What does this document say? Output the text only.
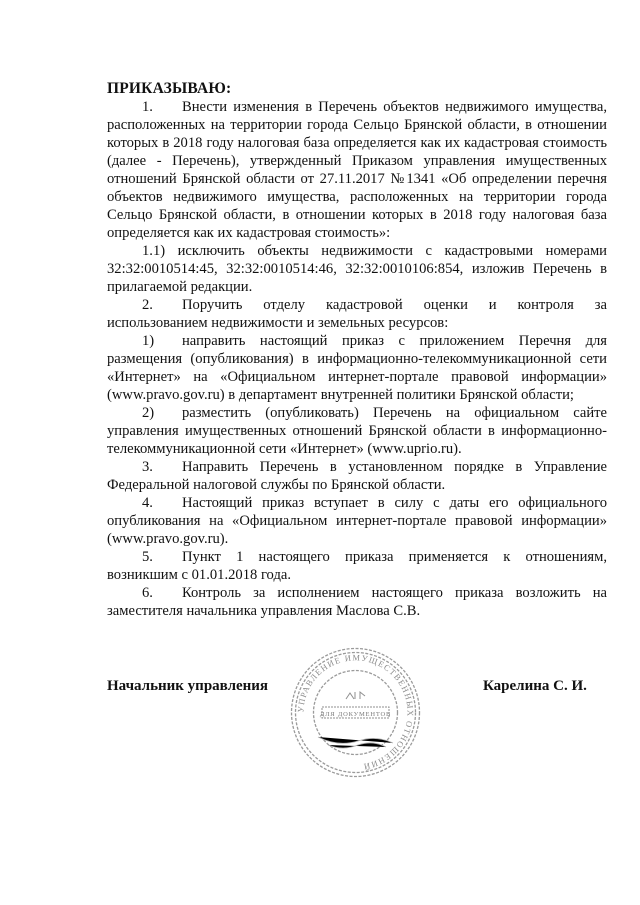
ПРИКАЗЫВАЮ:

1. Внести изменения в Перечень объектов недвижимого имущества, расположенных на территории города Сельцо Брянской области, в отношении которых в 2018 году налоговая база определяется как их кадастровая стоимость (далее - Перечень), утвержденный Приказом управления имущественных отношений Брянской области от 27.11.2017 №1341 «Об определении перечня объектов недвижимого имущества, расположенных на территории города Сельцо Брянской области, в отношении которых в 2018 году налоговая база определяется как их кадастровая стоимость»:

1.1) исключить объекты недвижимости с кадастровыми номерами 32:32:0010514:45, 32:32:0010514:46, 32:32:0010106:854, изложив Перечень в прилагаемой редакции.

2. Поручить отделу кадастровой оценки и контроля за использованием недвижимости и земельных ресурсов:

1) направить настоящий приказ с приложением Перечня для размещения (опубликования) в информационно-телекоммуникационной сети «Интернет» на «Официальном интернет-портале правовой информации» (www.pravo.gov.ru) в департамент внутренней политики Брянской области;

2) разместить (опубликовать) Перечень на официальном сайте управления имущественных отношений Брянской области в информационно-телекоммуникационной сети «Интернет» (www.uprio.ru).

3. Направить Перечень в установленном порядке в Управление Федеральной налоговой службы по Брянской области.

4. Настоящий приказ вступает в силу с даты его официального опубликования на «Официальном интернет-портале правовой информации» (www.pravo.gov.ru).

5. Пункт 1 настоящего приказа применяется к отношениям, возникшим с 01.01.2018 года.

6. Контроль за исполнением настоящего приказа возложить на заместителя начальника управления Маслова С.В.

Начальник управления	Карелина С. И.
УПРАВЛЕНИЕ ИМУЩЕСТВЕННЫХ ОТНОШЕНИЙ
ДЛЯ ДОКУМЕНТОВ
